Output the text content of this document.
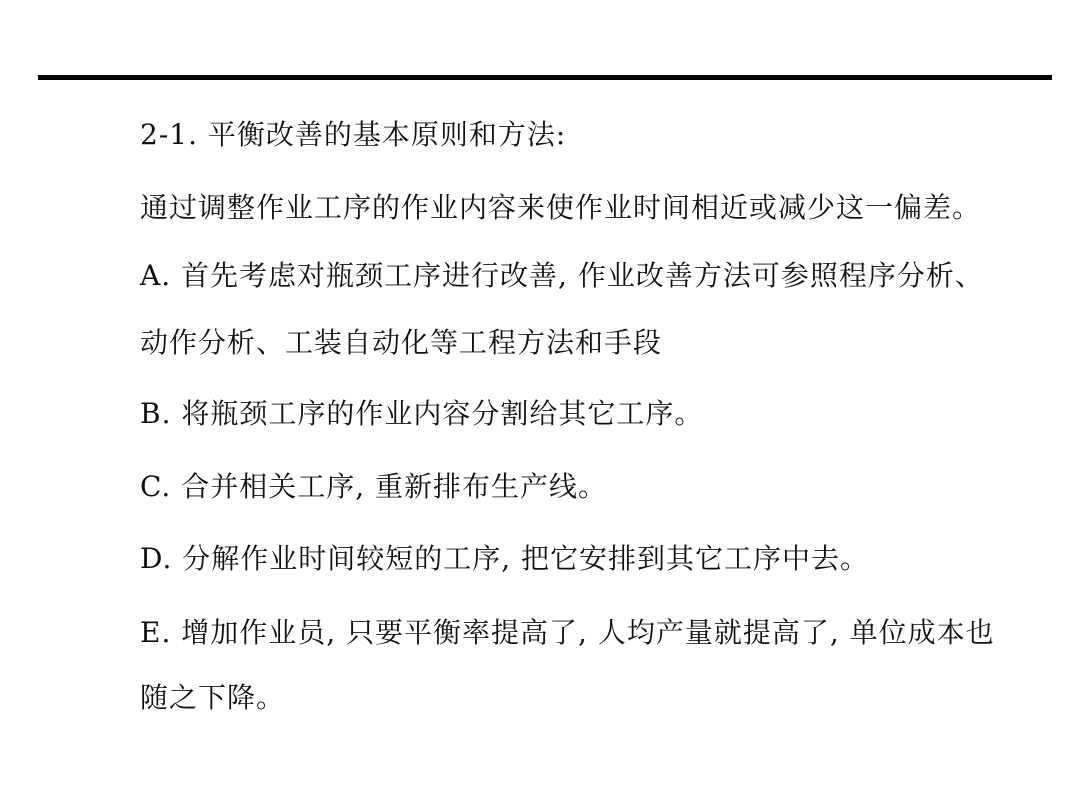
2-1. 平衡改善的基本原则和方法:
通过调整作业工序的作业内容来使作业时间相近或减少这一偏差。
A. 首先考虑对瓶颈工序进行改善, 作业改善方法可参照程序分析、
动作分析、工装自动化等工程方法和手段
B. 将瓶颈工序的作业内容分割给其它工序。
C. 合并相关工序, 重新排布生产线。
D. 分解作业时间较短的工序, 把它安排到其它工序中去。
E. 增加作业员, 只要平衡率提高了, 人均产量就提高了, 单位成本也
随之下降。
